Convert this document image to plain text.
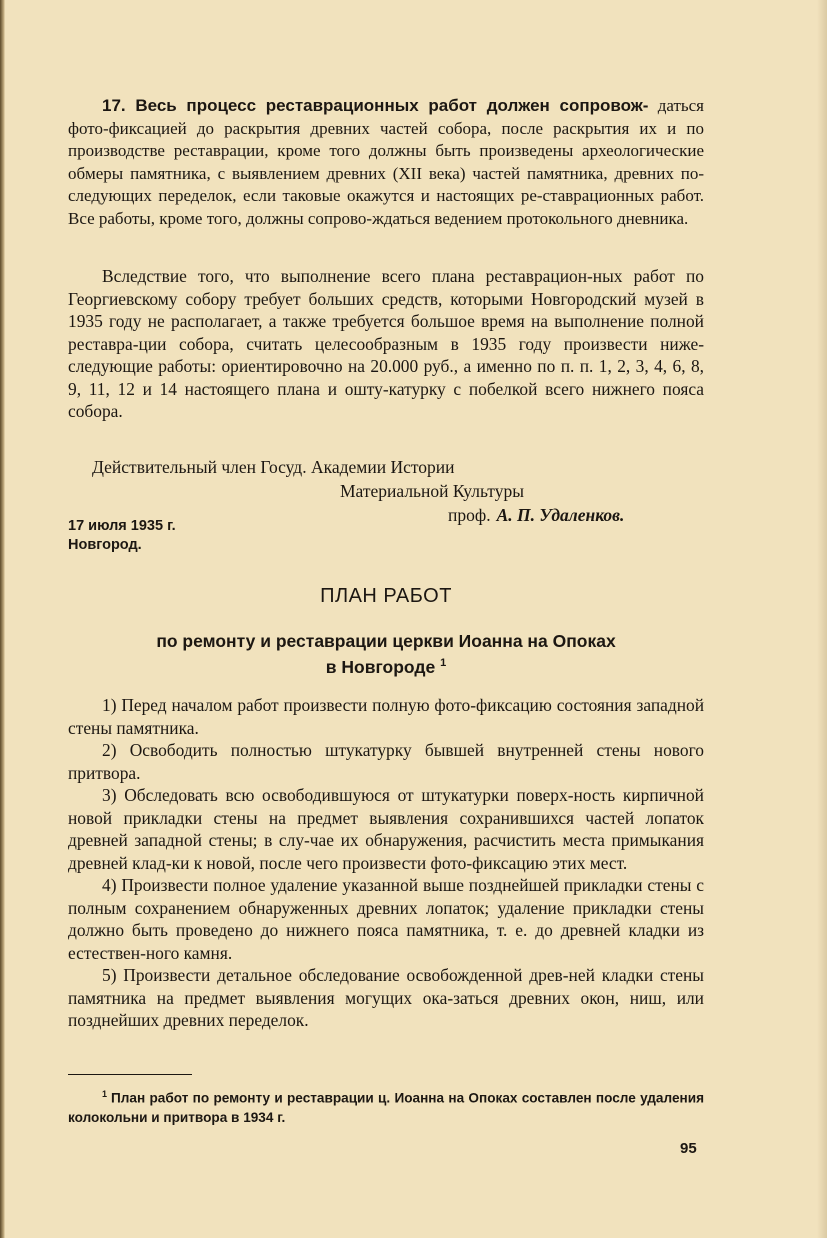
17. Весь процесс реставрационных работ должен сопровож- даться фото-фиксацией до раскрытия древних частей собора, после раскрытия их и по производстве реставрации, кроме того должны быть произведены археологические обмеры памятника, с выявлением древних (XII века) частей памятника, древних по-следующих переделок, если таковые окажутся и настоящих ре-ставрационных работ. Все работы, кроме того, должны сопрово-ждаться ведением протокольного дневника.

Вследствие того, что выполнение всего плана реставрацион-ных работ по Георгиевскому собору требует больших средств, которыми Новгородский музей в 1935 году не располагает, а также требуется большое время на выполнение полной реставра-ции собора, считать целесообразным в 1935 году произвести ниже-следующие работы: ориентировочно на 20.000 руб., а именно по п. п. 1, 2, 3, 4, 6, 8, 9, 11, 12 и 14 настоящего плана и ошту-катурку с побелкой всего нижнего пояса собора.

Действительный член Госуд. Академии Истории
Материальной Культуры
проф. А. П. Удаленков.
17 июля 1935 г.
Новгород.
ПЛАН РАБОТ
по ремонту и реставрации церкви Иоанна на Опоках
в Новгороде $^1$

1) Перед началом работ произвести полную фото-фиксацию состояния западной стены памятника.

2) Освободить полностью штукатурку бывшей внутренней стены нового притвора.

3) Обследовать всю освободившуюся от штукатурки поверх-ность кирпичной новой прикладки стены на предмет выявления сохранившихся частей лопаток древней западной стены; в слу-чае их обнаружения, расчистить места примыкания древней клад-ки к новой, после чего произвести фото-фиксацию этих мест.

4) Произвести полное удаление указанной выше позднейшей прикладки стены с полным сохранением обнаруженных древних лопаток; удаление прикладки стены должно быть проведено до нижнего пояса памятника, т. е. до древней кладки из естествен-ного камня.

5) Произвести детальное обследование освобожденной древ-ней кладки стены памятника на предмет выявления могущих ока-заться древних окон, ниш, или позднейших древних переделок.

$^1$ План работ по ремонту и реставрации ц. Иоанна на Опоках составлен после удаления колокольни и притвора в 1934 г.

95
